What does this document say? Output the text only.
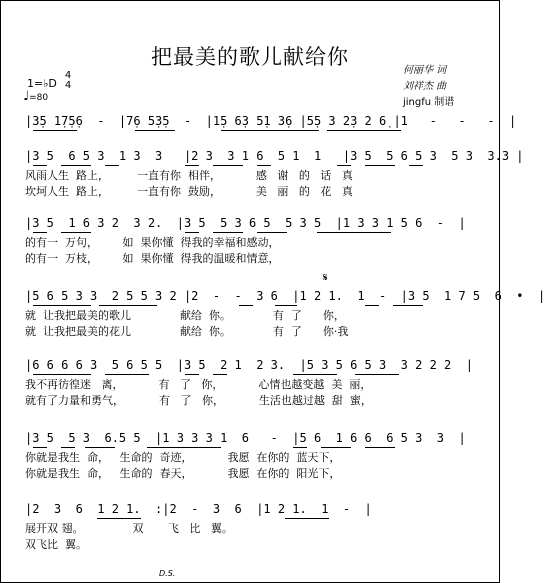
把最美的歌儿献给你
何丽华 词
刘祥杰 曲
jingfu 制谱
1=♭D
4
4
♩=80
|3̣5 1̣7̣5̣6  -  |7̣6 5̣3̣5  -  |1̣5 6̣3 5̣1 3̣6 |5̣5 3 2̣3 2 6̣ |1   -   -   -  |
|3 5  6 5 3  1 3  3   |2 3  3 1 6  5 1  1   |3 5  5 6 5 3  5 3  3.3 |
风雨人生  路上，        一直有你  相伴，          感   谢   的   话   真
坎坷人生  路上，        一直有你  鼓励，          美   丽   的   花   真
|3 5  1 6 3 2  3 2.  |3 5  5 3 6 5  5 3 5  |1 3 3 1 5 6  -  |
的有一  万句，       如  果你懂  得我的幸福和感动，
的有一  万枝，       如  果你懂  得我的温暖和情意，
𝄋
|5 6 5 3 3  2 5 5 3 2 |2  -  -  3 6  |1 2 1.  1  -  |3 5  1 7 5  6  •  |
就  让我把最美的歌儿              献给  你。            有  了      你，
就  让我把最美的花儿              献给  你。            有  了      你·我
|6 6 6 6 3  5 6 5 5  |3 5  2 1  2 3.  |5 3 5 6 5 3  3 2 2 2  |
我不再彷徨迷   离，          有   了   你，          心情也越变越  美  丽，
就有了力量和勇气，          有   了   你，          生活也越过越  甜  蜜，
|3 5  5 3  6.5 5  |1 3 3 3 1  6   -  |5 6  1 6 6  6 5 3  3  |
你就是我生  命，   生命的  奇迹，          我愿  在你的  蓝天下，
你就是我生  命，   生命的  春天，          我愿  在你的  阳光下，
|2  3  6  1 2 1.  :|2  -  3  6  |1 2 1.  1  -  |
展开双 翅。              双       飞   比   翼。
双飞比  翼。
D.S.
